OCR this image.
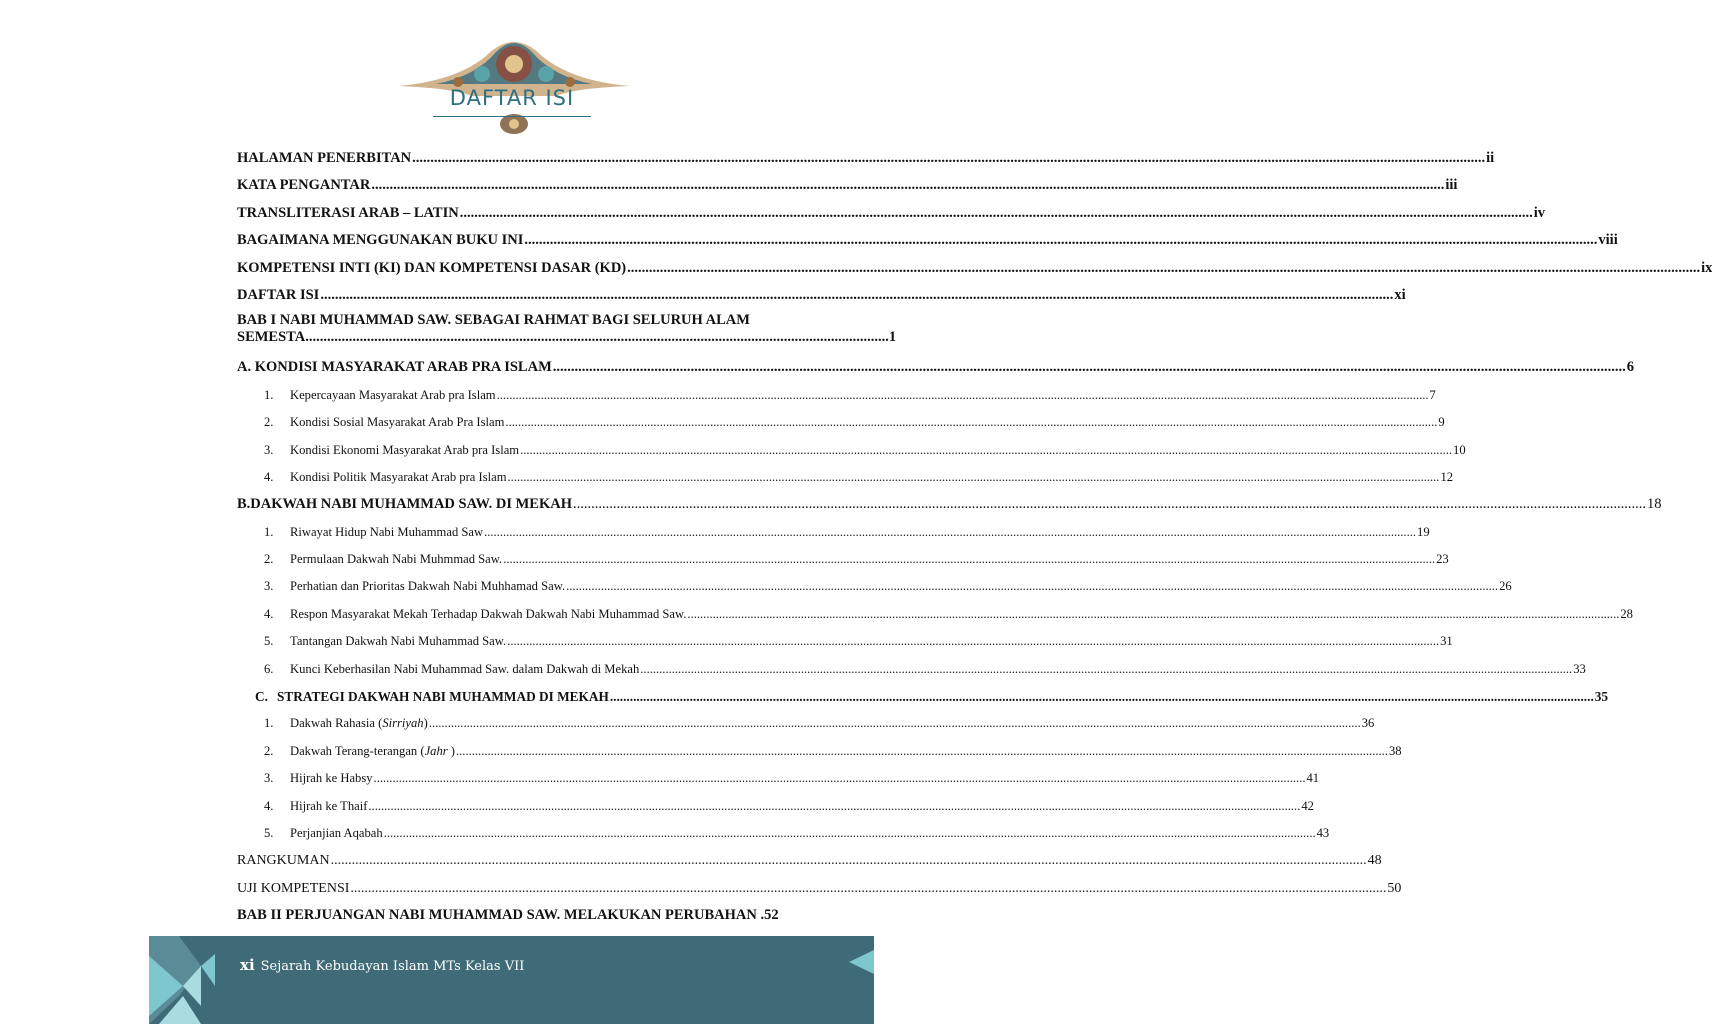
DAFTAR ISI
HALAMAN PENERBITAN .....	ii
KATA PENGANTAR .....	iii
TRANSLITERASI ARAB – LATIN .....	iv
BAGAIMANA MENGGUNAKAN BUKU INI .....	viii
KOMPETENSI INTI (KI) DAN KOMPETENSI DASAR (KD) .....	ix
DAFTAR ISI .....	xi
BAB I NABI MUHAMMAD SAW. SEBAGAI RAHMAT BAGI SELURUH ALAM
SEMESTA ................................................................................................................................................................. 1
A. KONDISI MASYARAKAT ARAB PRA ISLAM .....	6
1. Kepercayaan Masyarakat Arab pra Islam .....	7
2. Kondisi Sosial Masyarakat Arab Pra Islam .....	9
3. Kondisi Ekonomi Masyarakat Arab pra Islam .....	10
4. Kondisi Politik Masyarakat Arab pra Islam .....	12
B.DAKWAH NABI MUHAMMAD SAW. DI MEKAH .....	18
1. Riwayat Hidup Nabi Muhammad Saw .....	19
2. Permulaan Dakwah Nabi Muhmmad Saw. .....	23
3. Perhatian dan Prioritas Dakwah Nabi Muhhamad Saw. .....	26
4. Respon Masyarakat Mekah Terhadap Dakwah Dakwah Nabi Muhammad Saw. .....	28
5. Tantangan Dakwah Nabi Muhammad Saw. .....	31
6. Kunci Keberhasilan Nabi Muhammad Saw. dalam Dakwah di Mekah .....	33
C. STRATEGI DAKWAH NABI MUHAMMAD DI MEKAH .....	35
1. Dakwah Rahasia (Sirriyah) .....	36
2. Dakwah Terang-terangan (Jahr ) .....	38
3. Hijrah ke Habsy .....	41
4. Hijrah ke Thaif .....	42
5. Perjanjian Aqabah .....	43
RANGKUMAN .....	48
UJI KOMPETENSI .....	50
BAB II PERJUANGAN NABI MUHAMMAD SAW. MELAKUKAN PERUBAHAN . 52
xi Sejarah Kebudayan Islam MTs Kelas VII
